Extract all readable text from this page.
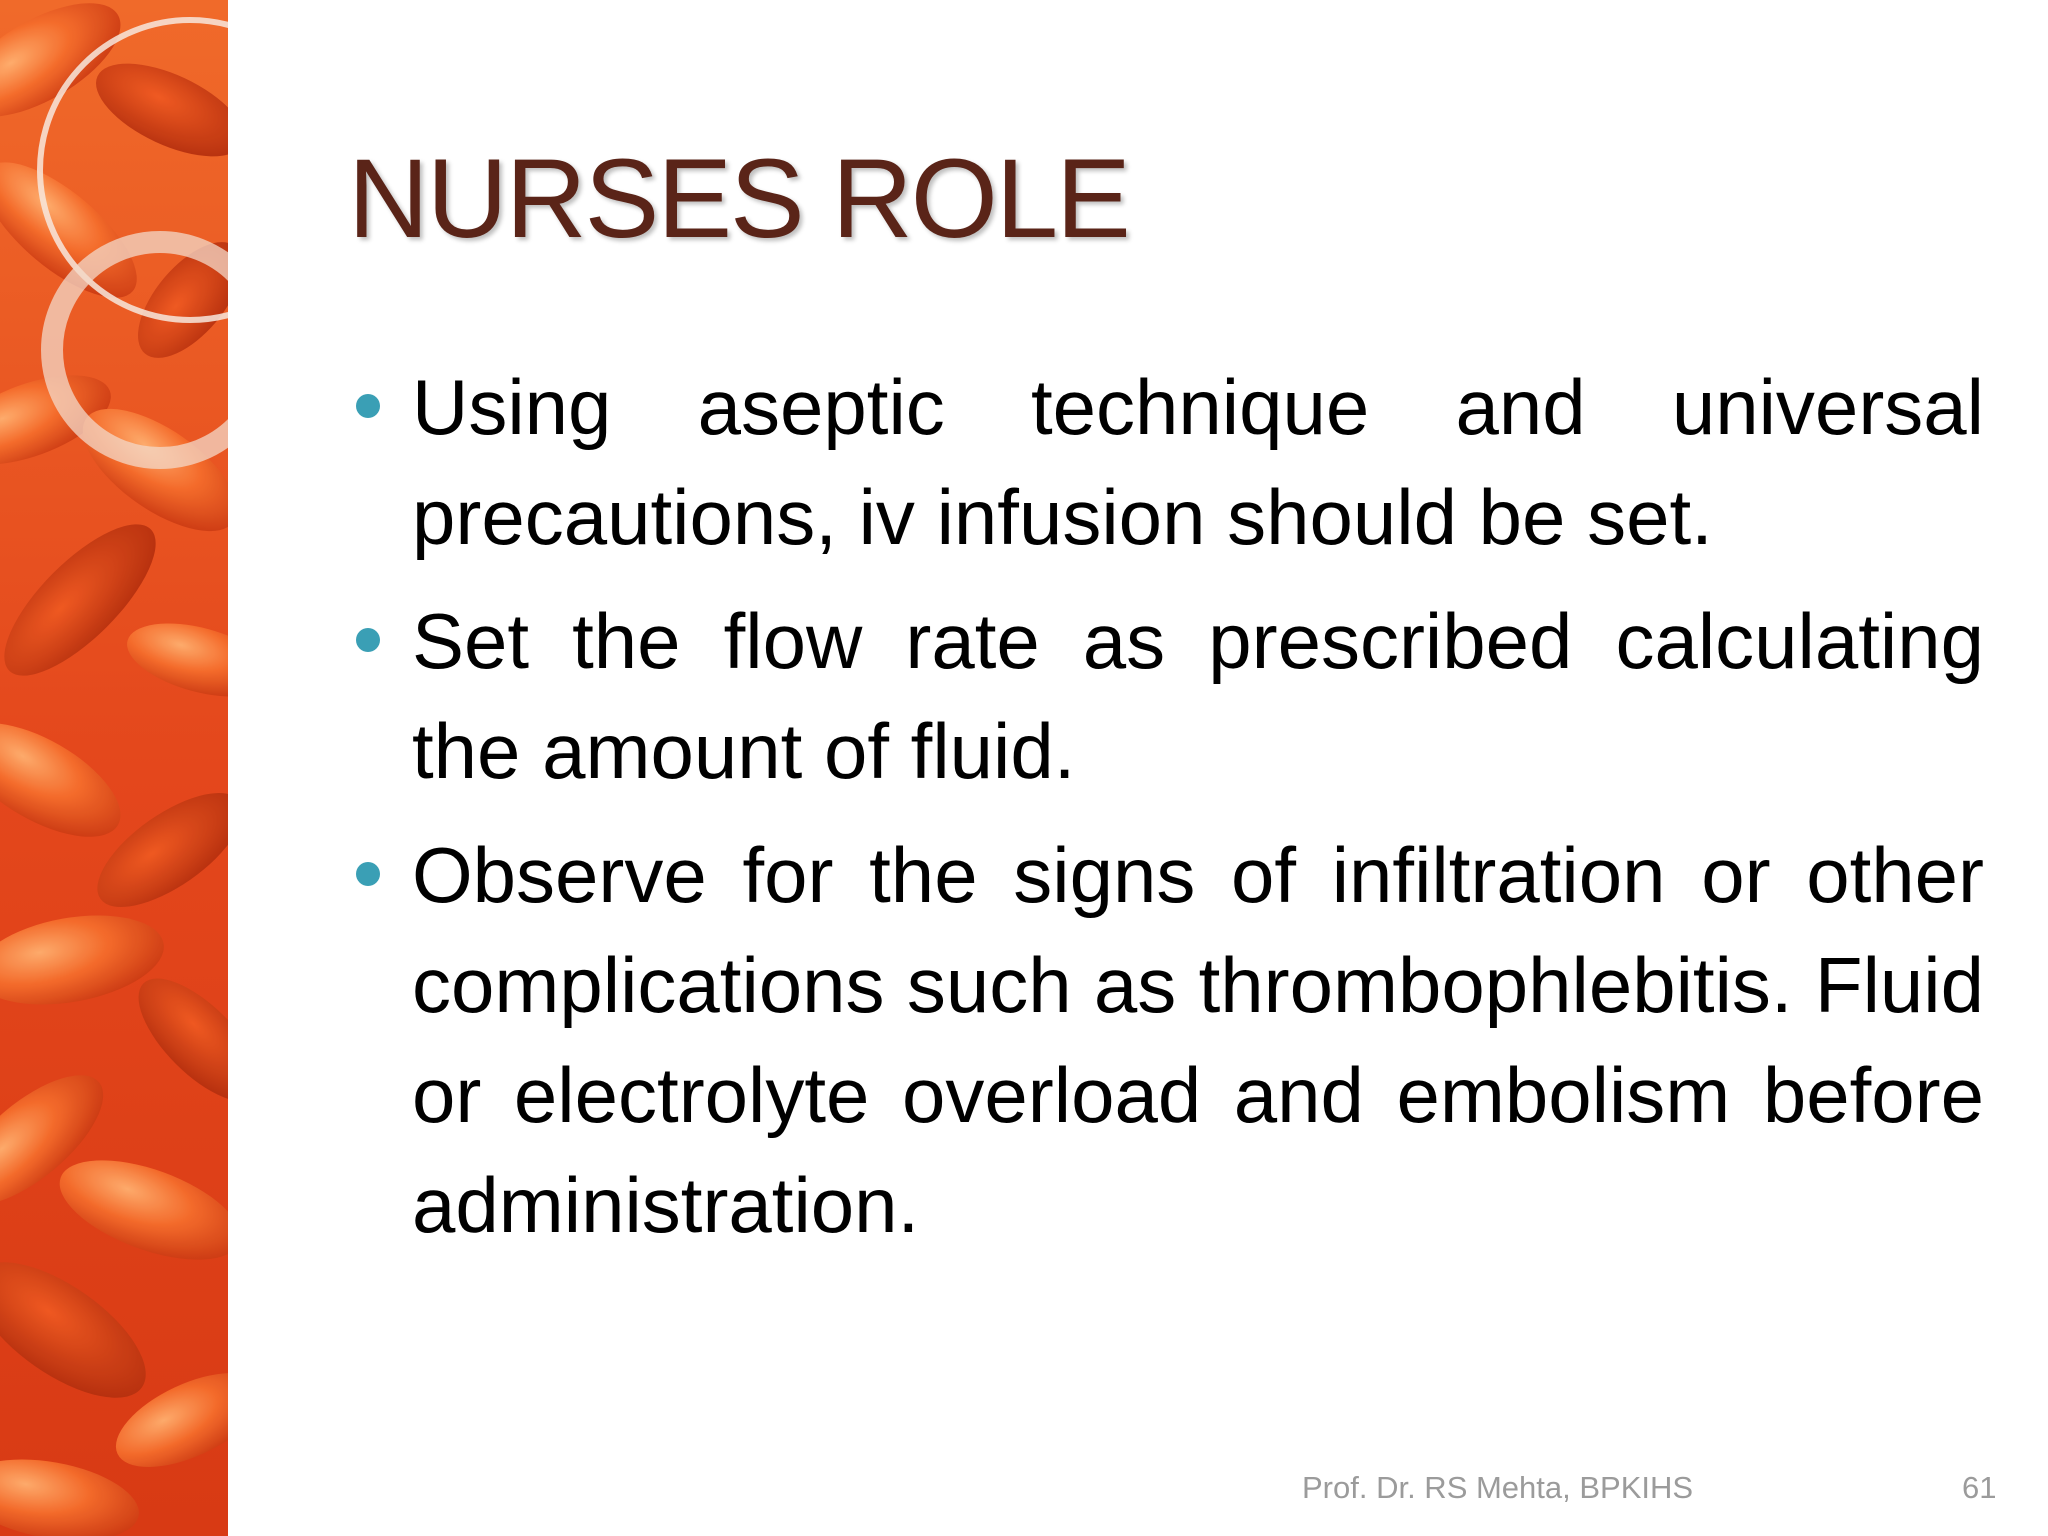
NURSES ROLE
Using aseptic technique and universal precautions, iv infusion should be set.
Set the flow rate as prescribed calculating the amount of fluid.
Observe for the signs of infiltration or other complications such as thrombophlebitis. Fluid or electrolyte overload and embolism before administration.
Prof. Dr. RS Mehta, BPKIHS	61
